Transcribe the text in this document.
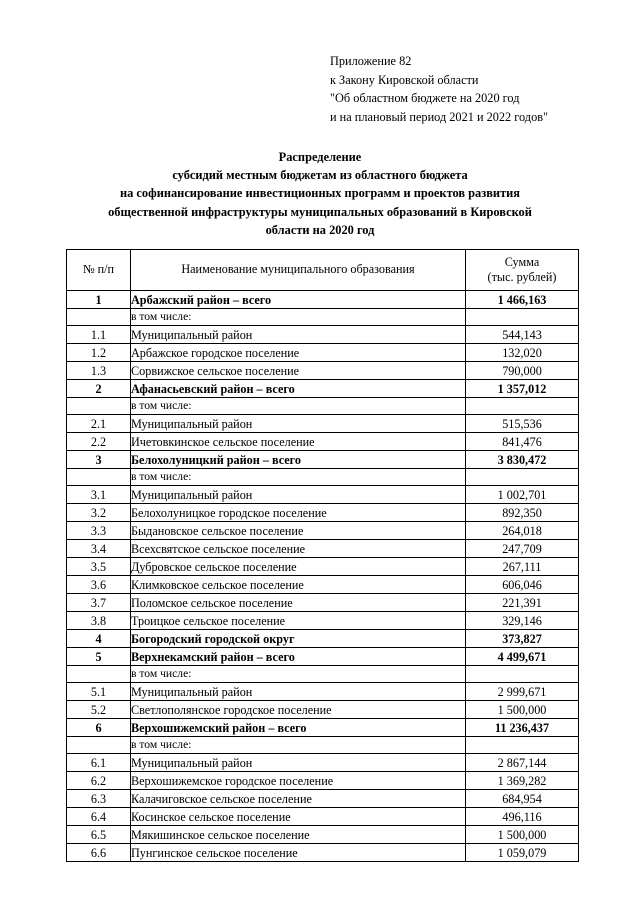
Приложение 82
к Закону Кировской области
"Об областном бюджете на 2020 год
и на плановый период 2021 и 2022 годов"
Распределение
субсидий местным бюджетам из областного бюджета
на софинансирование инвестиционных программ и проектов развития
общественной инфраструктуры муниципальных образований в Кировской
области на 2020 год
№ п/п	Наименование муниципального образования	Сумма
(тыс. рублей)

1	Арбажский район – всего	1 466,163
	в том числе:	
1.1	Муниципальный район	544,143
1.2	Арбажское городское поселение	132,020
1.3	Сорвижское сельское поселение	790,000
2	Афанасьевский район – всего	1 357,012
	в том числе:	
2.1	Муниципальный район	515,536
2.2	Ичетовкинское сельское поселение	841,476
3	Белохолуницкий район – всего	3 830,472
	в том числе:	
3.1	Муниципальный район	1 002,701
3.2	Белохолуницкое городское поселение	892,350
3.3	Быдановское сельское поселение	264,018
3.4	Всехсвятское сельское поселение	247,709
3.5	Дубровское сельское поселение	267,111
3.6	Климковское сельское поселение	606,046
3.7	Поломское сельское поселение	221,391
3.8	Троицкое сельское поселение	329,146
4	Богородский городской округ	373,827
5	Верхнекамский район – всего	4 499,671
	в том числе:	
5.1	Муниципальный район	2 999,671
5.2	Светлополянское городское поселение	1 500,000
6	Верхошижемский район – всего	11 236,437
	в том числе:	
6.1	Муниципальный район	2 867,144
6.2	Верхошижемское городское поселение	1 369,282
6.3	Калачиговское сельское поселение	684,954
6.4	Косинское сельское поселение	496,116
6.5	Мякишинское сельское поселение	1 500,000
6.6	Пунгинское сельское поселение	1 059,079
